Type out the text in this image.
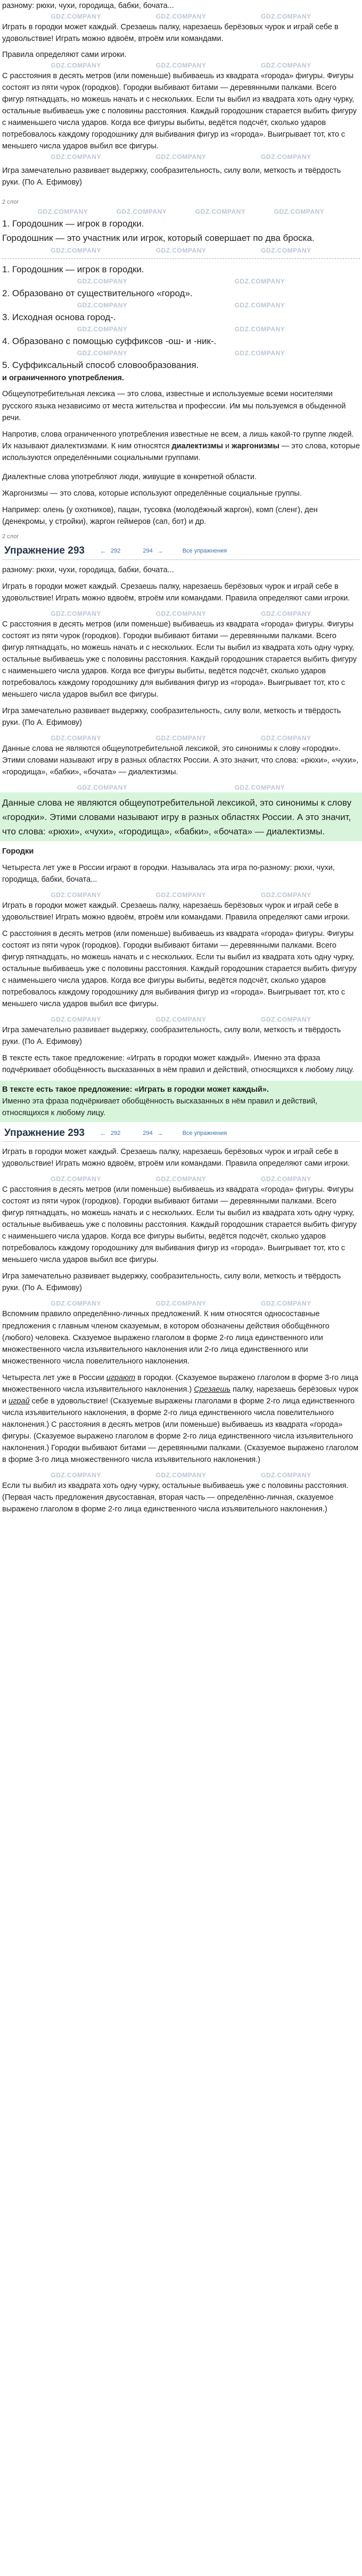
разному: рюхи, чухи, городища, бабки, бочата...

GDZ.COMPANY	GDZ.COMPANY	GDZ.COMPANY

Играть в городки может каждый. Срезаешь палку, нарезаешь берёзовых чурок и играй себе в удовольствие! Играть можно вдвоём, втроём или командами.

Правила определяют сами игроки.

GDZ.COMPANY	GDZ.COMPANY	GDZ.COMPANY

С расстояния в десять метров (или поменьше) выбиваешь из квадрата «города» фигуры. Фигуры состоят из пяти чурок (городков). Городки выбивают битами — деревянными палками. Всего фигур пятнадцать, но можешь начать и с нескольких. Если ты выбил из квадрата хоть одну чурку, остальные выбиваешь уже с половины расстояния. Каждый городошник старается выбить фигуру с наименьшего числа ударов. Когда все фигуры выбиты, ведётся подсчёт, сколько ударов потребовалось каждому городошнику для выбивания фигур из «города». Выигрывает тот, кто с меньшего числа ударов выбил все фигуры.

GDZ.COMPANY	GDZ.COMPANY	GDZ.COMPANY

Игра замечательно развивает выдержку, сообразительность, силу воли, меткость и твёрдость руки. (По А. Ефимову)

2 слог
GDZ.COMPANY	GDZ.COMPANY	GDZ.COMPANY	GDZ.COMPANY
1. Городошник — игрок в городки.
Городошник — это участник или игрок, который совершает по два броска.
GDZ.COMPANY	GDZ.COMPANY	GDZ.COMPANY
1. Городошник — игрок в городки.
GDZ.COMPANY	GDZ.COMPANY
2. Образовано от существительного «город».
GDZ.COMPANY	GDZ.COMPANY
3. Исходная основа город-.
GDZ.COMPANY	GDZ.COMPANY
4. Образовано с помощью суффиксов -ош- и -ник-.
GDZ.COMPANY	GDZ.COMPANY
5. Суффиксальный способ словообразования.
и ограниченного употребления.

Общеупотребительная лексика — это слова, известные и используемые всеми носителями русского языка независимо от места жительства и профессии. Им мы пользуемся в обыденной речи.

Напротив, слова ограниченного употребления известные не всем, а лишь какой-то группе людей. Их называют диалектизмами. К ним относятся диалектизмы и жаргонизмы — это слова, которые используются определёнными социальными группами.

Диалектные слова употребляют люди, живущие в конкретной области.

Жаргонизмы — это слова, которые используют определённые социальные группы.

Например: олень (у охотников), пацан, тусовка (молодёжный жаргон), комп (сленг), ден (денекромы, у стройки), жаргон геймеров (сап, бот) и др.

2 слог
Упражнение 293	← 292	294 →	Все упражнения

разному: рюхи, чухи, городища, бабки, бочата...

Играть в городки может каждый. Срезаешь палку, нарезаешь берёзовых чурок и играй себе в удовольствие! Играть можно вдвоём, втроём или командами. Правила определяют сами игроки.

GDZ.COMPANY	GDZ.COMPANY	GDZ.COMPANY

С расстояния в десять метров (или поменьше) выбиваешь из квадрата «города» фигуры. Фигуры состоят из пяти чурок (городков). Городки выбивают битами — деревянными палками. Всего фигур пятнадцать, но можешь начать и с нескольких. Если ты выбил из квадрата хоть одну чурку, остальные выбиваешь уже с половины расстояния. Каждый городошник старается выбить фигуру с наименьшего числа ударов. Когда все фигуры выбиты, ведётся подсчёт, сколько ударов потребовалось каждому городошнику для выбивания фигур из «города». Выигрывает тот, кто с меньшего числа ударов выбил все фигуры.

Игра замечательно развивает выдержку, сообразительность, силу воли, меткость и твёрдость руки. (По А. Ефимову)

GDZ.COMPANY	GDZ.COMPANY	GDZ.COMPANY

Данные слова не являются общеупотребительной лексикой, это синонимы к слову «городки». Этими словами называют игру в разных областях России. А это значит, что слова: «рюхи», «чухи», «городища», «бабки», «бочата» — диалектизмы.

GDZ.COMPANY	GDZ.COMPANY
Данные слова не являются общеупотребительной лексикой, это синонимы к слову «городки». Этими словами называют игру в разных областях России. А это значит, что слова: «рюхи», «чухи», «городища», «бабки», «бочата» — диалектизмы.

Городки

Четыреста лет уже в России играют в городки. Называлась эта игра по-разному: рюхи, чухи, городища, бабки, бочата...

GDZ.COMPANY	GDZ.COMPANY	GDZ.COMPANY

Играть в городки может каждый. Срезаешь палку, нарезаешь берёзовых чурок и играй себе в удовольствие! Играть можно вдвоём, втроём или командами. Правила определяют сами игроки.

С расстояния в десять метров (или поменьше) выбиваешь из квадрата «города» фигуры. Фигуры состоят из пяти чурок (городков). Городки выбивают битами — деревянными палками. Всего фигур пятнадцать, но можешь начать и с нескольких. Если ты выбил из квадрата хоть одну чурку, остальные выбиваешь уже с половины расстояния. Каждый городошник старается выбить фигуру с наименьшего числа ударов. Когда все фигуры выбиты, ведётся подсчёт, сколько ударов потребовалось каждому городошнику для выбивания фигур из «города». Выигрывает тот, кто с меньшего числа ударов выбил все фигуры.

GDZ.COMPANY	GDZ.COMPANY	GDZ.COMPANY

Игра замечательно развивает выдержку, сообразительность, силу воли, меткость и твёрдость руки. (По А. Ефимову)

В тексте есть такое предложение: «Играть в городки может каждый». Именно эта фраза подчёркивает обобщённость высказанных в нём правил и действий, относящихся к любому лицу.

В тексте есть такое предложение: «Играть в городки может каждый».
Именно эта фраза подчёркивает обобщённость высказанных в нём правил и действий, относящихся к любому лицу.
Упражнение 293	← 292	294 →	Все упражнения

Играть в городки может каждый. Срезаешь палку, нарезаешь берёзовых чурок и играй себе в удовольствие! Играть можно вдвоём, втроём или командами. Правила определяют сами игроки.

GDZ.COMPANY	GDZ.COMPANY	GDZ.COMPANY

С расстояния в десять метров (или поменьше) выбиваешь из квадрата «города» фигуры. Фигуры состоят из пяти чурок (городков). Городки выбивают битами — деревянными палками. Всего фигур пятнадцать, но можешь начать и с нескольких. Если ты выбил из квадрата хоть одну чурку, остальные выбиваешь уже с половины расстояния. Каждый городошник старается выбить фигуру с наименьшего числа ударов. Когда все фигуры выбиты, ведётся подсчёт, сколько ударов потребовалось каждому городошнику для выбивания фигур из «города». Выигрывает тот, кто с меньшего числа ударов выбил все фигуры.

Игра замечательно развивает выдержку, сообразительность, силу воли, меткость и твёрдость руки. (По А. Ефимову)

GDZ.COMPANY	GDZ.COMPANY	GDZ.COMPANY

Вспомним правило определённо-личных предложений. К ним относятся односоставные предложения с главным членом сказуемым, в котором обозначены действия обобщённого (любого) человека. Сказуемое выражено глаголом в форме 2-го лица единственного или множественного числа изъявительного наклонения или 2-го лица единственного или множественного числа повелительного наклонения.

Четыреста лет уже в России играют в городки. (Сказуемое выражено глаголом в форме 3-го лица множественного числа изъявительного наклонения.) Срезаешь палку, нарезаешь берёзовых чурок и играй себе в удовольствие! (Сказуемые выражены глаголами в форме 2-го лица единственного числа изъявительного наклонения, в форме 2-го лица единственного числа повелительного наклонения.) С расстояния в десять метров (или поменьше) выбиваешь из квадрата «города» фигуры. (Сказуемое выражено глаголом в форме 2-го лица единственного числа изъявительного наклонения.) Городки выбивают битами — деревянными палками. (Сказуемое выражено глаголом в форме 3-го лица множественного числа изъявительного наклонения.)

GDZ.COMPANY	GDZ.COMPANY	GDZ.COMPANY

Если ты выбил из квадрата хоть одну чурку, остальные выбиваешь уже с половины расстояния. (Первая часть предложения двусоставная, вторая часть — определённо-личная, сказуемое выражено глаголом в форме 2-го лица единственного числа изъявительного наклонения.)
